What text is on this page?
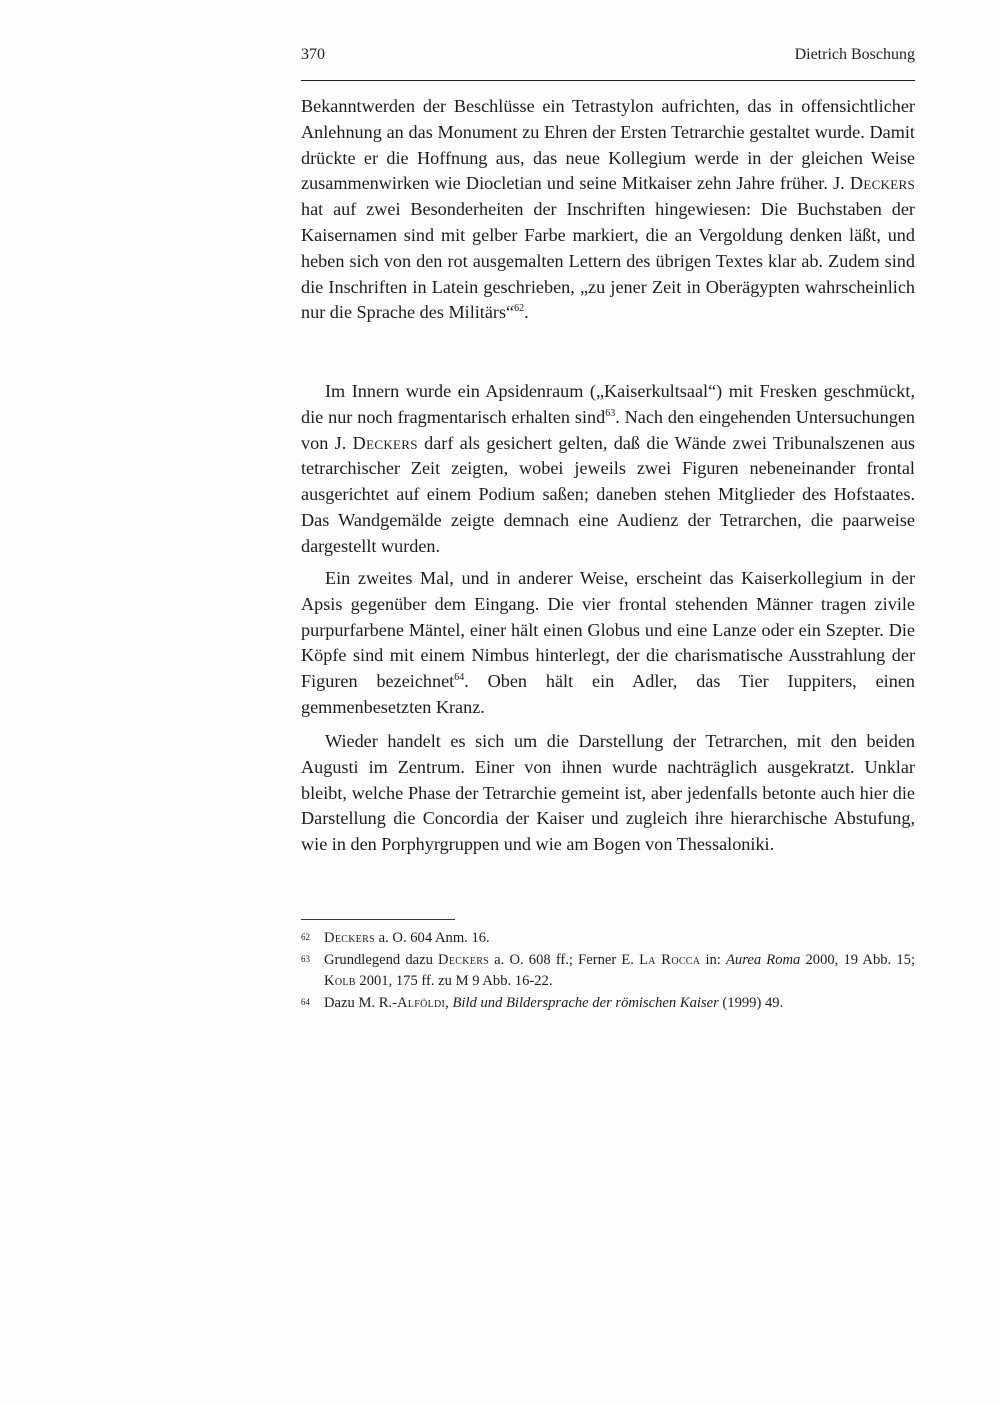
370	Dietrich Boschung

Bekanntwerden der Beschlüsse ein Tetrastylon aufrichten, das in offensichtlicher Anlehnung an das Monument zu Ehren der Ersten Tetrarchie gestaltet wurde. Damit drückte er die Hoffnung aus, das neue Kollegium werde in der gleichen Weise zusammenwirken wie Diocletian und seine Mitkaiser zehn Jahre früher. J. Deckers hat auf zwei Besonderheiten der Inschriften hingewiesen: Die Buchstaben der Kaisernamen sind mit gelber Farbe markiert, die an Vergoldung denken läßt, und heben sich von den rot ausgemalten Lettern des übrigen Textes klar ab. Zudem sind die Inschriften in Latein geschrieben, „zu jener Zeit in Oberägypten wahrscheinlich nur die Sprache des Militärs“$^{62}$.

Im Innern wurde ein Apsidenraum („Kaiserkultsaal“) mit Fresken geschmückt, die nur noch fragmentarisch erhalten sind$^{63}$. Nach den eingehenden Untersuchungen von J. Deckers darf als gesichert gelten, daß die Wände zwei Tribunalszenen aus tetrarchischer Zeit zeigten, wobei jeweils zwei Figuren nebeneinander frontal ausgerichtet auf einem Podium saßen; daneben stehen Mitglieder des Hofstaates. Das Wandgemälde zeigte demnach eine Audienz der Tetrarchen, die paarweise dargestellt wurden.

Ein zweites Mal, und in anderer Weise, erscheint das Kaiserkollegium in der Apsis gegenüber dem Eingang. Die vier frontal stehenden Männer tragen zivile purpurfarbene Mäntel, einer hält einen Globus und eine Lanze oder ein Szepter. Die Köpfe sind mit einem Nimbus hinterlegt, der die charismatische Ausstrahlung der Figuren bezeichnet$^{64}$. Oben hält ein Adler, das Tier Iuppiters, einen gemmenbesetzten Kranz.

Wieder handelt es sich um die Darstellung der Tetrarchen, mit den beiden Augusti im Zentrum. Einer von ihnen wurde nachträglich ausgekratzt. Unklar bleibt, welche Phase der Tetrarchie gemeint ist, aber jedenfalls betonte auch hier die Darstellung die Concordia der Kaiser und zugleich ihre hierarchische Abstufung, wie in den Porphyrgruppen und wie am Bogen von Thessaloniki.

62 Deckers a. O. 604 Anm. 16.

63 Grundlegend dazu Deckers a. O. 608 ff.; Ferner E. La Rocca in: Aurea Roma 2000, 19 Abb. 15; Kolb 2001, 175 ff. zu M 9 Abb. 16-22.

64 Dazu M. R.-Alföldi, Bild und Bildersprache der römischen Kaiser (1999) 49.
